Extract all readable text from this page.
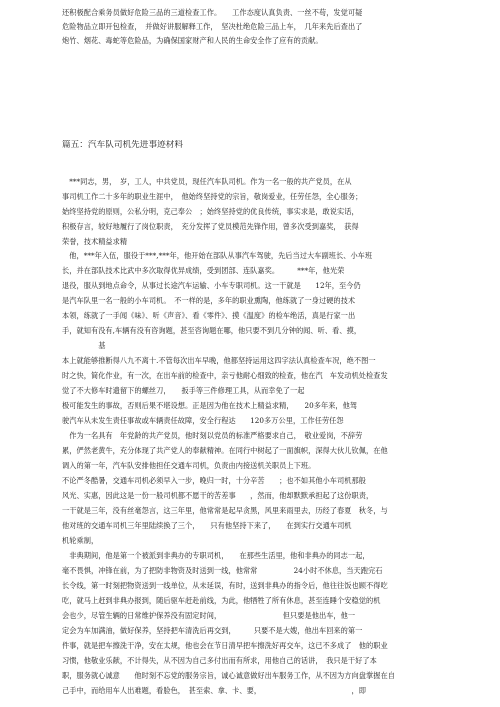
还积极配合乘务员做好危险三品的三道检查工作。　　工作态度认真负责、一丝不苟，发觉可疑
危险物品立即开包检查，　并做好讲服解释工作，　坚决杜绝危险三品上车，　几年来先后查出了
炮竹、烟花、毒蛇等危险品，为确保国家财产和人民的生命安全作了应有的贡献。
篇五：汽车队司机先进事迹材料
　***同志，男，　岁，工人，中共党员，现任汽车队司机。作为一名一般的共产党员，在从
事司机工作二十多年的职业生涯中，　他始终坚持党的宗旨，敬岗爱业，任劳任怨，全心服务；
始终坚持党的原则，公私分明，克己奉公　；始终坚持党的优良传统，事实求是，敢说实话，
积极存言，较好地履行了岗位职责，　充分发挥了党员模范先锋作用，曾多次受到嘉奖，　获得
荣誉，技术精益求精
　他，***年入伍，服役于***,***年，他开始在部队从事汽车驾驶，先后当过大车副班长、小车班
长，并在部队技术比武中多次取得优异成绩，受到团部、连队嘉奖。　　　***年，他光荣
退役，服从到地点命令，从事过长途汽车运输、小车专职司机。这一干就是　　12年，至今仍
是汽车队里一名一般的小车司机。　不一样的是，多年的职业熏陶，他练就了一身过硬的技术
本领，练就了一手闻《味》、听《声音》、看《零件》、摸《温度》的检车绝活，真是行家一出
手，就知有没有,车辆有没有咨询题，甚至咨询题在哪，他只要不到几分钟的闻、听、看、摸，
　　　　　基
本上就能够推断得八九不离十.不管每次出车早晚，他都坚持运用这四字法认真检查车况，绝不图一
时之快，简化作业，有一次，在出车前的检查中，亲亏他耐心细致的检查，他在汽　车发动机处检查发
觉了不大修车时遗留下的螺丝刀，　　扳手等三件修理工具，从而幸免了一起
极可能发生的事故，否则后果不堪设想。正是因为他在技术上精益求精，　　20多年来，他驾
驶汽车从未发生责任事故或车辆责任故障，安全行程达　　120多万公里，工作任劳任怨
　作为一名具有　年党龄的共产党员，他时刻以党员的标准严格要求自己，　敬业爱岗，不辞劳
累，俨然老黄牛，充分体现了共产党人的奉献精神。在同行中树起了一面旗帜，深得大伙儿钦佩，在他
调入的第一年，汽车队安排他担任交通车司机，负责由内接送机关职员上下班。
不论严冬酷暑，交通车司机必须早入一步，晚归一时，十分辛苦　　；也不如其他小车司机那般
风光、实惠，因此这是一份一般司机都不愿干的苦差事　　，然而，他却默默承担起了这份职责，
一干就是三年，没有丝毫怨言，这三年里，他常常是起早贪黑，风里来雨里去，历经了春夏　秋冬，与
他对班的交通车司机三年里陆续换了三个，　　只有他坚持下来了，　　在到实行交通车司机
机轮乘制，
　非典期间，他是第一个被派到非典办的专职司机，　　在那些生活里，他和非典办的同志一起，
毫不畏惧，冲锋在前，为了把防非物资及时送到一线，他常常　　　　　24小时不休息，当天跑完石
长令线，第一时刻把物资送到一线单位，从未延误，有时，送到非典办的指令后，他往往饭也顾不得吃
吃，就马上赶到非典办报到，随后驱车赶赴前线，为此，他牺牲了所有休息，甚至连睡个安稳觉的机
会也少，尽管生辆的日常维护保养没有固定时间，　　　　　　　　　但只要是他出车，他一
定会为车加满油，做好保养，坚持把车清洗后再交到，　　　只要不是大嫂，他出车回来的第一
件事，就是把车擦洗干净，安在太规，他也会在节日清早把车擦洗好再交车，这已不多成了　他的职业
习惯，他敬业乐献，不计得失，从不因为自己多付出而有所求，用他自己的话讲，　我只是干好了本
职，服务就心诚意　　他时刻不忘党的服务宗旨，诚心诚意做好出车服务工作，从不因为方向盘掌握在自
己手中，而给用车人出难题，看脸色，　甚至索、拿、卡、要，　　　　　　　　　　　　　，即
